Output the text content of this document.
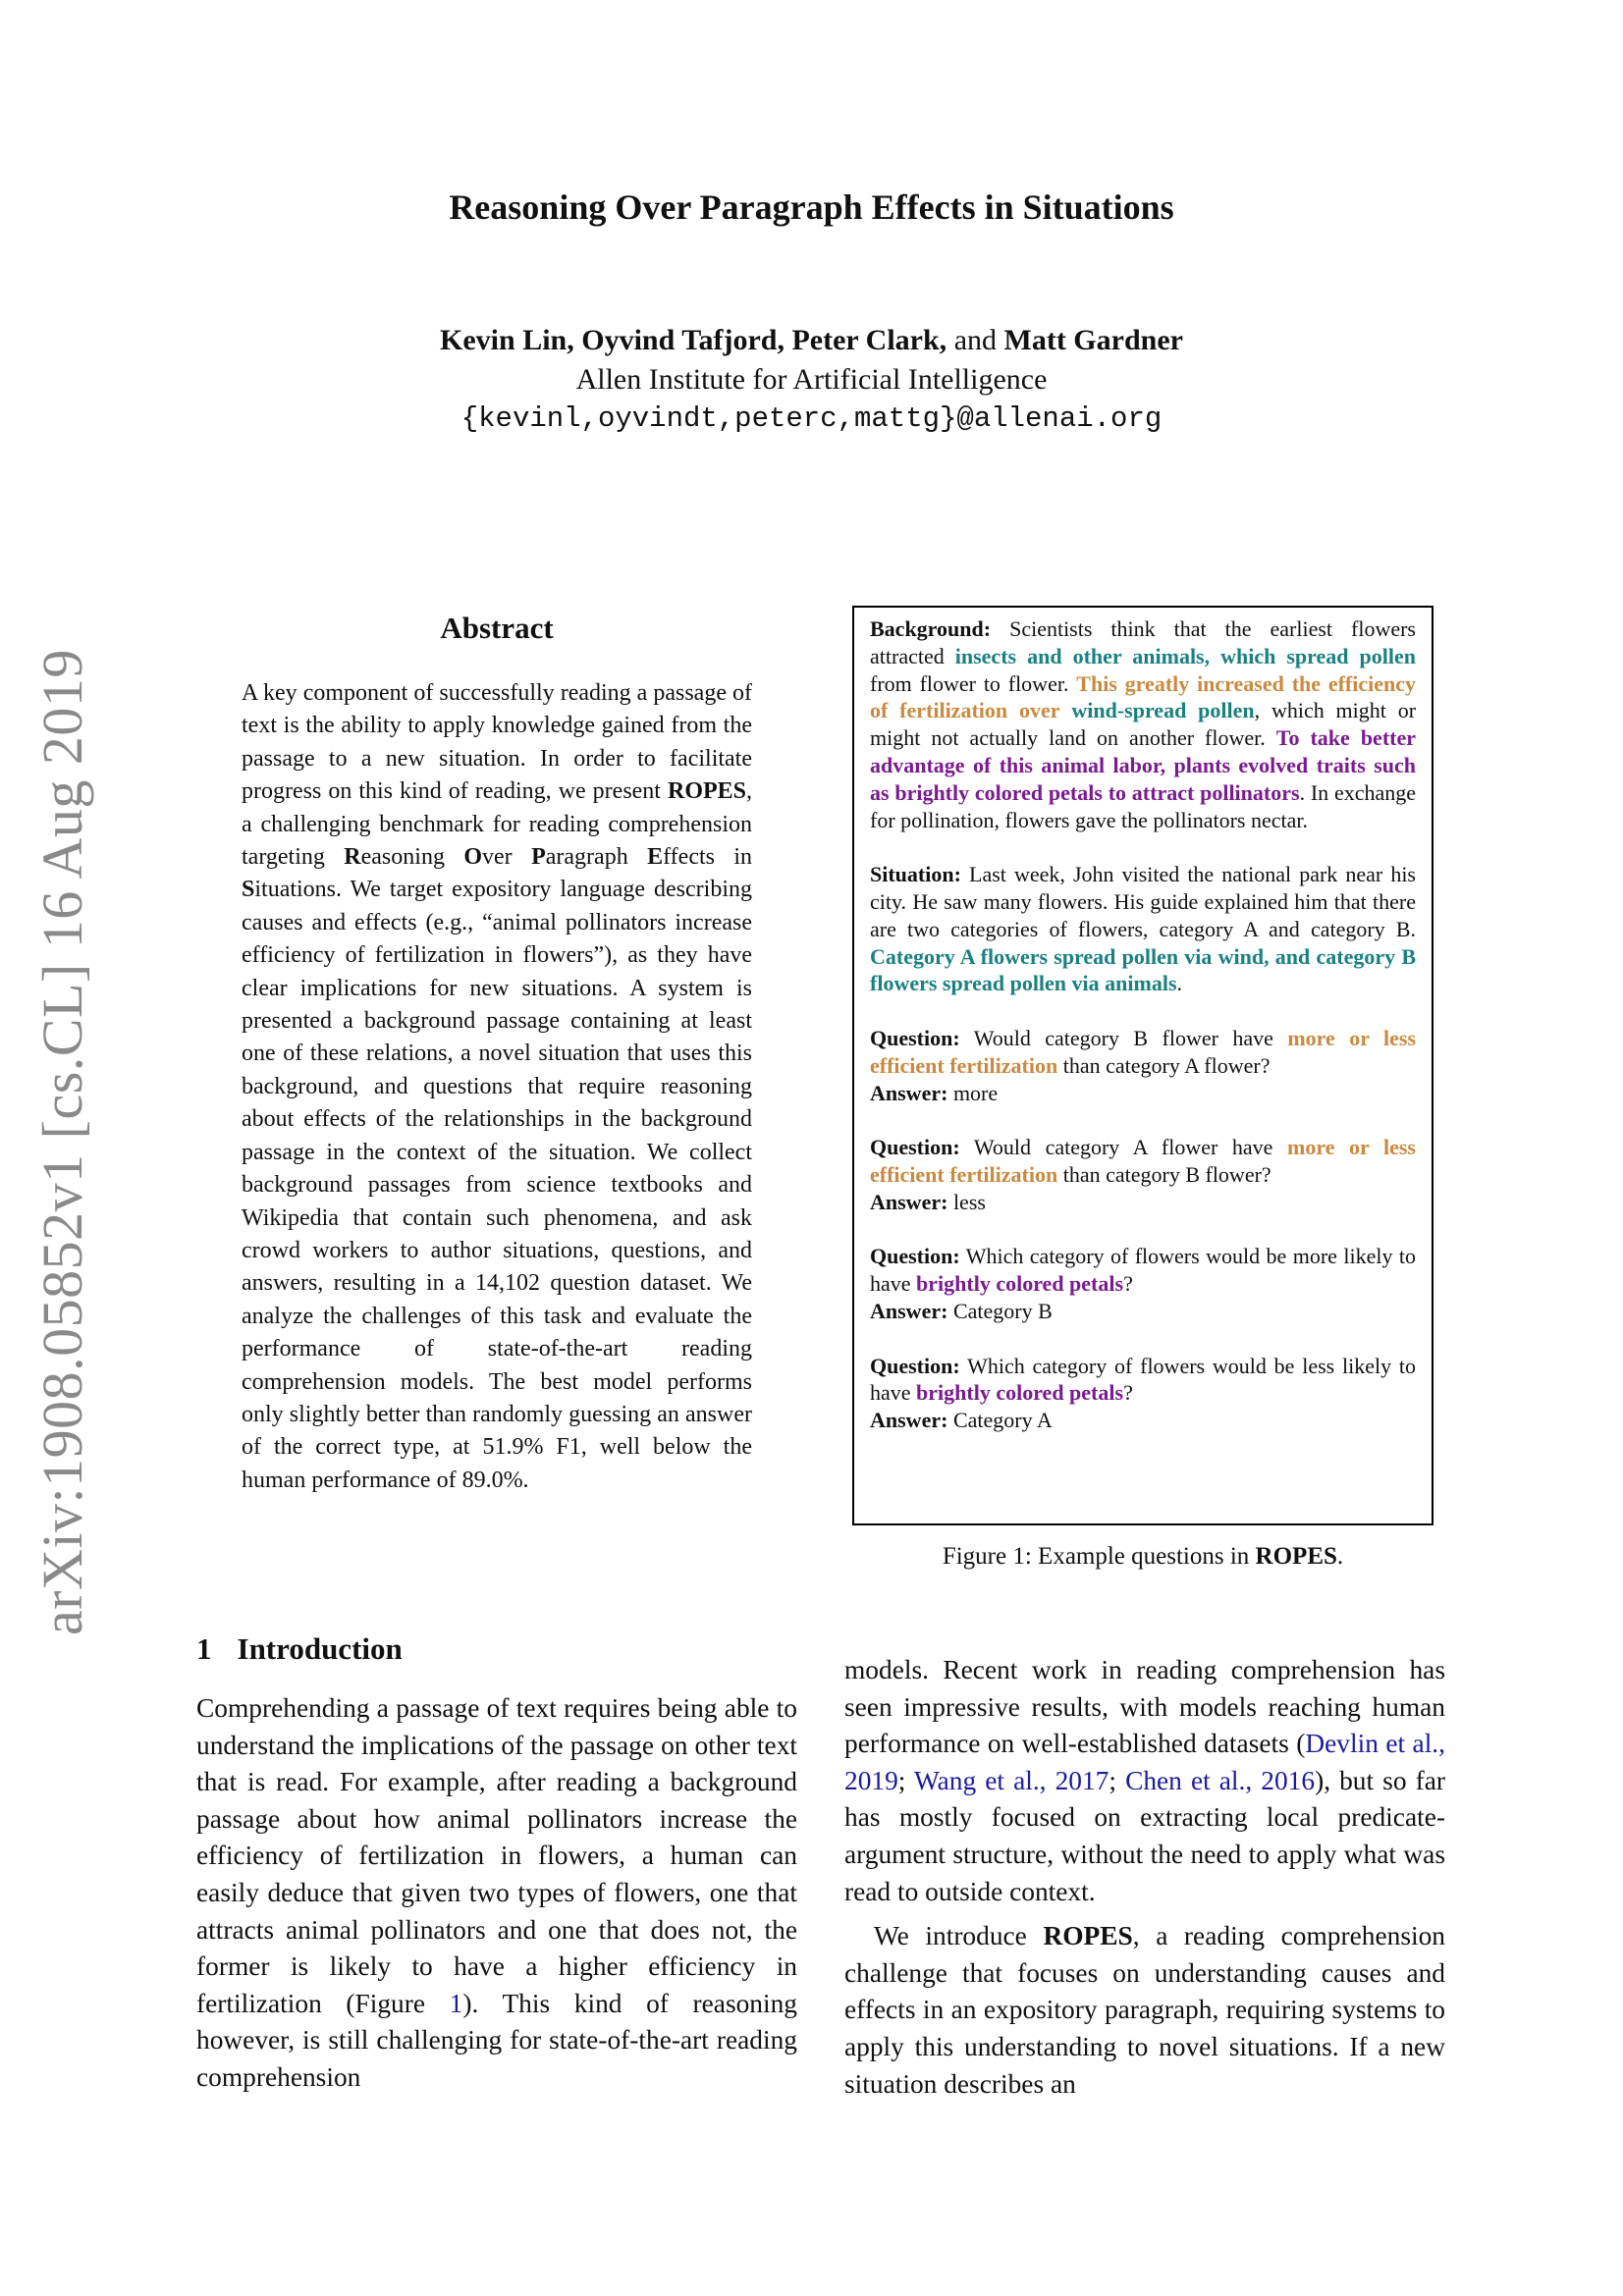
arXiv:1908.05852v1 [cs.CL] 16 Aug 2019
Reasoning Over Paragraph Effects in Situations
Kevin Lin, Oyvind Tafjord, Peter Clark, and Matt Gardner
Allen Institute for Artificial Intelligence
{kevinl,oyvindt,peterc,mattg}@allenai.org
Abstract
A key component of successfully reading a passage of text is the ability to apply knowledge gained from the passage to a new situation. In order to facilitate progress on this kind of reading, we present ROPES, a challenging benchmark for reading comprehension targeting Reasoning Over Paragraph Effects in Situations. We target expository language describing causes and effects (e.g., “animal pollinators increase efficiency of fertilization in flowers”), as they have clear implications for new situations. A system is presented a background passage containing at least one of these relations, a novel situation that uses this background, and questions that require reasoning about effects of the relationships in the background passage in the context of the situation. We collect background passages from science textbooks and Wikipedia that contain such phenomena, and ask crowd workers to author situations, questions, and answers, resulting in a 14,102 question dataset. We analyze the challenges of this task and evaluate the performance of state-of-the-art reading comprehension models. The best model performs only slightly better than randomly guessing an answer of the correct type, at 51.9% F1, well below the human performance of 89.0%.

Background: Scientists think that the earliest flowers attracted insects and other animals, which spread pollen from flower to flower. This greatly increased the efficiency of fertilization over wind-spread pollen, which might or might not actually land on another flower. To take better advantage of this animal labor, plants evolved traits such as brightly colored petals to attract pollinators. In exchange for pollination, flowers gave the pollinators nectar.

Situation: Last week, John visited the national park near his city. He saw many flowers. His guide explained him that there are two categories of flowers, category A and category B. Category A flowers spread pollen via wind, and category B flowers spread pollen via animals.

Question: Would category B flower have more or less efficient fertilization than category A flower?
Answer: more

Question: Would category A flower have more or less efficient fertilization than category B flower?
Answer: less

Question: Which category of flowers would be more likely to have brightly colored petals?
Answer: Category B

Question: Which category of flowers would be less likely to have brightly colored petals?
Answer: Category A

Figure 1: Example questions in ROPES.
1 Introduction
Comprehending a passage of text requires being able to understand the implications of the passage on other text that is read. For example, after reading a background passage about how animal pollinators increase the efficiency of fertilization in flowers, a human can easily deduce that given two types of flowers, one that attracts animal pollinators and one that does not, the former is likely to have a higher efficiency in fertilization (Figure 1). This kind of reasoning however, is still challenging for state-of-the-art reading comprehension

models. Recent work in reading comprehension has seen impressive results, with models reaching human performance on well-established datasets (Devlin et al., 2019; Wang et al., 2017; Chen et al., 2016), but so far has mostly focused on extracting local predicate-argument structure, without the need to apply what was read to outside context.

We introduce ROPES, a reading comprehension challenge that focuses on understanding causes and effects in an expository paragraph, requiring systems to apply this understanding to novel situations. If a new situation describes an
